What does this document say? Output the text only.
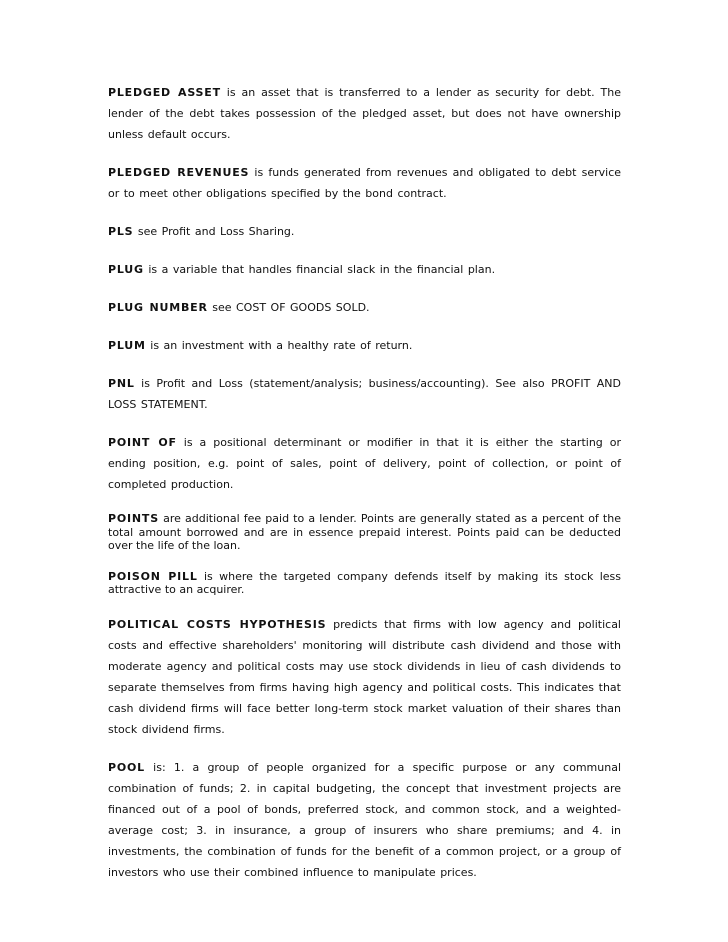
PLEDGED ASSET is an asset that is transferred to a lender as security for debt. The lender of the debt takes possession of the pledged asset, but does not have ownership unless default occurs.

PLEDGED REVENUES is funds generated from revenues and obligated to debt service or to meet other obligations specified by the bond contract.

PLS see Profit and Loss Sharing.

PLUG is a variable that handles financial slack in the financial plan.

PLUG NUMBER see COST OF GOODS SOLD.

PLUM is an investment with a healthy rate of return.

PNL is Profit and Loss (statement/analysis; business/accounting). See also PROFIT AND LOSS STATEMENT.

POINT OF is a positional determinant or modifier in that it is either the starting or ending position, e.g. point of sales, point of delivery, point of collection, or point of completed production.

POINTS are additional fee paid to a lender. Points are generally stated as a percent of the total amount borrowed and are in essence prepaid interest. Points paid can be deducted over the life of the loan.

POISON PILL is where the targeted company defends itself by making its stock less attractive to an acquirer.

POLITICAL COSTS HYPOTHESIS predicts that firms with low agency and political costs and effective shareholders' monitoring will distribute cash dividend and those with moderate agency and political costs may use stock dividends in lieu of cash dividends to separate themselves from firms having high agency and political costs. This indicates that cash dividend firms will face better long-term stock market valuation of their shares than stock dividend firms.

POOL is: 1. a group of people organized for a specific purpose or any communal combination of funds; 2. in capital budgeting, the concept that investment projects are financed out of a pool of bonds, preferred stock, and common stock, and a weighted-average cost; 3. in insurance, a group of insurers who share premiums; and 4. in investments, the combination of funds for the benefit of a common project, or a group of investors who use their combined influence to manipulate prices.
